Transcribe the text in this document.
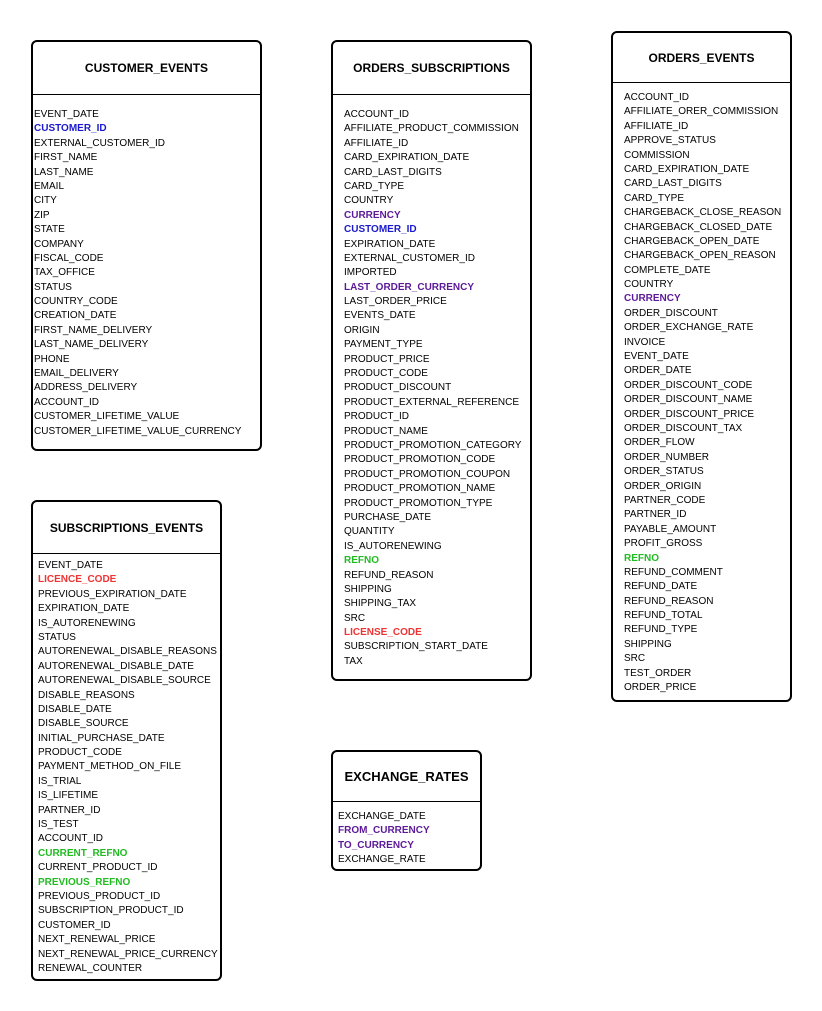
CUSTOMER_EVENTS
EVENT_DATE
CUSTOMER_ID
EXTERNAL_CUSTOMER_ID
FIRST_NAME
LAST_NAME
EMAIL
CITY
ZIP
STATE
COMPANY
FISCAL_CODE
TAX_OFFICE
STATUS
COUNTRY_CODE
CREATION_DATE
FIRST_NAME_DELIVERY
LAST_NAME_DELIVERY
PHONE
EMAIL_DELIVERY
ADDRESS_DELIVERY
ACCOUNT_ID
CUSTOMER_LIFETIME_VALUE
CUSTOMER_LIFETIME_VALUE_CURRENCY
ORDERS_SUBSCRIPTIONS
ACCOUNT_ID
AFFILIATE_PRODUCT_COMMISSION
AFFILIATE_ID
CARD_EXPIRATION_DATE
CARD_LAST_DIGITS
CARD_TYPE
COUNTRY
CURRENCY
CUSTOMER_ID
EXPIRATION_DATE
EXTERNAL_CUSTOMER_ID
IMPORTED
LAST_ORDER_CURRENCY
LAST_ORDER_PRICE
EVENTS_DATE
ORIGIN
PAYMENT_TYPE
PRODUCT_PRICE
PRODUCT_CODE
PRODUCT_DISCOUNT
PRODUCT_EXTERNAL_REFERENCE
PRODUCT_ID
PRODUCT_NAME
PRODUCT_PROMOTION_CATEGORY
PRODUCT_PROMOTION_CODE
PRODUCT_PROMOTION_COUPON
PRODUCT_PROMOTION_NAME
PRODUCT_PROMOTION_TYPE
PURCHASE_DATE
QUANTITY
IS_AUTORENEWING
REFNO
REFUND_REASON
SHIPPING
SHIPPING_TAX
SRC
LICENSE_CODE
SUBSCRIPTION_START_DATE
TAX
ORDERS_EVENTS
ACCOUNT_ID
AFFILIATE_ORER_COMMISSION
AFFILIATE_ID
APPROVE_STATUS
COMMISSION
CARD_EXPIRATION_DATE
CARD_LAST_DIGITS
CARD_TYPE
CHARGEBACK_CLOSE_REASON
CHARGEBACK_CLOSED_DATE
CHARGEBACK_OPEN_DATE
CHARGEBACK_OPEN_REASON
COMPLETE_DATE
COUNTRY
CURRENCY
ORDER_DISCOUNT
ORDER_EXCHANGE_RATE
INVOICE
EVENT_DATE
ORDER_DATE
ORDER_DISCOUNT_CODE
ORDER_DISCOUNT_NAME
ORDER_DISCOUNT_PRICE
ORDER_DISCOUNT_TAX
ORDER_FLOW
ORDER_NUMBER
ORDER_STATUS
ORDER_ORIGIN
PARTNER_CODE
PARTNER_ID
PAYABLE_AMOUNT
PROFIT_GROSS
REFNO
REFUND_COMMENT
REFUND_DATE
REFUND_REASON
REFUND_TOTAL
REFUND_TYPE
SHIPPING
SRC
TEST_ORDER
ORDER_PRICE
SUBSCRIPTIONS_EVENTS
EVENT_DATE
LICENCE_CODE
PREVIOUS_EXPIRATION_DATE
EXPIRATION_DATE
IS_AUTORENEWING
STATUS
AUTORENEWAL_DISABLE_REASONS
AUTORENEWAL_DISABLE_DATE
AUTORENEWAL_DISABLE_SOURCE
DISABLE_REASONS
DISABLE_DATE
DISABLE_SOURCE
INITIAL_PURCHASE_DATE
PRODUCT_CODE
PAYMENT_METHOD_ON_FILE
IS_TRIAL
IS_LIFETIME
PARTNER_ID
IS_TEST
ACCOUNT_ID
CURRENT_REFNO
CURRENT_PRODUCT_ID
PREVIOUS_REFNO
PREVIOUS_PRODUCT_ID
SUBSCRIPTION_PRODUCT_ID
CUSTOMER_ID
NEXT_RENEWAL_PRICE
NEXT_RENEWAL_PRICE_CURRENCY
RENEWAL_COUNTER
EXCHANGE_RATES
EXCHANGE_DATE
FROM_CURRENCY
TO_CURRENCY
EXCHANGE_RATE
